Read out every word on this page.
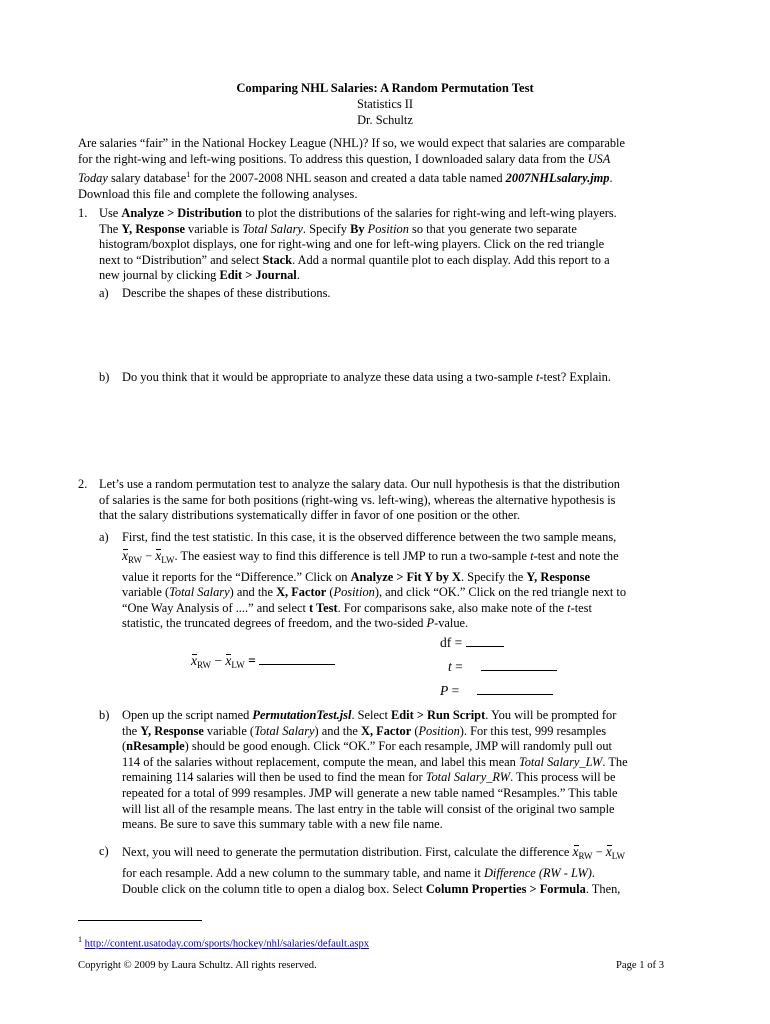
Comparing NHL Salaries: A Random Permutation Test
Statistics II
Dr. Schultz
Are salaries “fair” in the National Hockey League (NHL)? If so, we would expect that salaries are comparable
for the right-wing and left-wing positions. To address this question, I downloaded salary data from the USA
Today salary database$^1$ for the 2007-2008 NHL season and created a data table named 2007NHLsalary.jmp.
Download this file and complete the following analyses.
1. Use Analyze > Distribution to plot the distributions of the salaries for right-wing and left-wing players.
The Y, Response variable is Total Salary. Specify By Position so that you generate two separate
histogram/boxplot displays, one for right-wing and one for left-wing players. Click on the red triangle
next to “Distribution” and select Stack. Add a normal quantile plot to each display. Add this report to a
new journal by clicking Edit > Journal.
a)	Describe the shapes of these distributions.
b)	Do you think that it would be appropriate to analyze these data using a two-sample t-test? Explain.
2. Let’s use a random permutation test to analyze the salary data. Our null hypothesis is that the distribution
of salaries is the same for both positions (right-wing vs. left-wing), whereas the alternative hypothesis is
that the salary distributions systematically differ in favor of one position or the other.
a)	First, find the test statistic. In this case, it is the observed difference between the two sample means,
$x_{RW} - x_{LW}$. The easiest way to find this difference is tell JMP to run a two-sample t-test and note the
value it reports for the “Difference.” Click on Analyze > Fit Y by X. Specify the Y, Response
variable (Total Salary) and the X, Factor (Position), and click “OK.” Click on the red triangle next to
“One Way Analysis of ....” and select t Test. For comparisons sake, also make note of the t-test
statistic, the truncated degrees of freedom, and the two-sided P-value.
df =
$x_{RW} - x_{LW}$ =	t =
P =
b)	Open up the script named PermutationTest.jsl. Select Edit > Run Script. You will be prompted for
the Y, Response variable (Total Salary) and the X, Factor (Position). For this test, 999 resamples
(nResample) should be good enough. Click “OK.” For each resample, JMP will randomly pull out
114 of the salaries without replacement, compute the mean, and label this mean Total Salary_LW. The
remaining 114 salaries will then be used to find the mean for Total Salary_RW. This process will be
repeated for a total of 999 resamples. JMP will generate a new table named “Resamples.” This table
will list all of the resample means. The last entry in the table will consist of the original two sample
means. Be sure to save this summary table with a new file name.
c)	Next, you will need to generate the permutation distribution. First, calculate the difference $x_{RW} - x_{LW}$
for each resample. Add a new column to the summary table, and name it Difference (RW - LW).
Double click on the column title to open a dialog box. Select Column Properties > Formula. Then,
$^1$ http://content.usatoday.com/sports/hockey/nhl/salaries/default.aspx
Copyright © 2009 by Laura Schultz. All rights reserved.	Page 1 of 3
